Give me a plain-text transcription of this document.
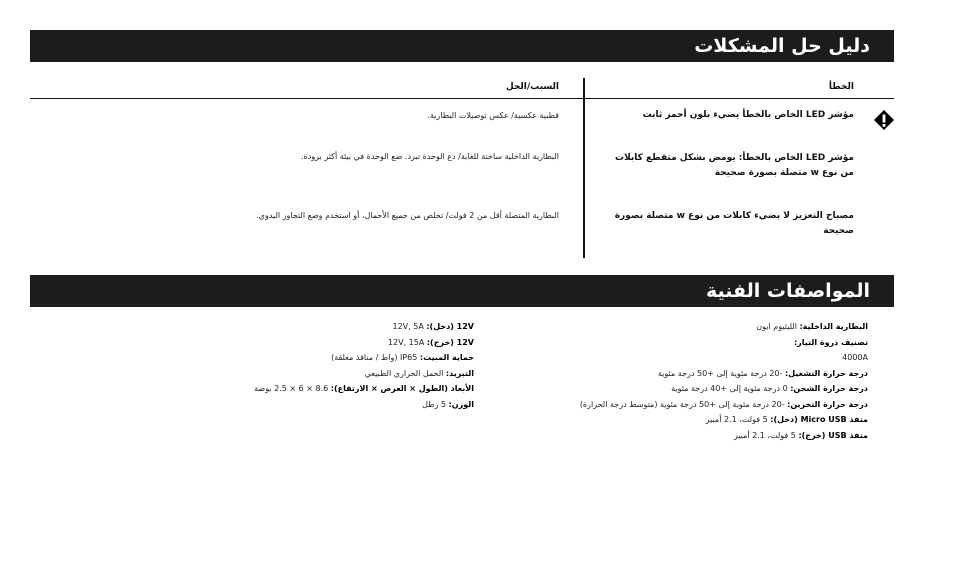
دليل حل المشكلات
الخطأ
السبب/الحل
مؤشر LED الخاص بالخطأ يضيء بلون أحمر ثابت
قطبية عكسية/ عكس توصيلات البطارية.
مؤشر LED الخاص بالخطأ: يومض بشكل متقطع كابلات من نوع w متصلة بصورة صحيحة
البطارية الداخلية ساخنة للغاية/ دع الوحدة تبرد. ضع الوحدة في بيئة أكثر برودة.
مصباح التعزيز لا يضيء كابلات من نوع w متصلة بصورة صحيحة
البطارية المتصلة أقل من 2 فولت/ تخلص من جميع الأحمال، أو استخدم وضع التجاوز اليدوي.
المواصفات الفنية
البطارية الداخلية: الليثيوم ايون
تصنيف ذروة التيار:
4000A
درجة حرارة التشغيل: -20 درجة مئوية إلى +50 درجة مئوية
درجة حرارة الشحن: 0 درجة مئوية إلى +40 درجة مئوية
درجة حرارة التخزين: -20 درجة مئوية إلى +50 درجة مئوية (متوسط درجة الحرارة)
منفذ Micro USB (دخل): 5 فولت، 2.1 أمبير
منفذ USB (خرج): 5 فولت، 2.1 أمبير
12V (دخل): 12V, 5A
12V (خرج): 12V, 15A
حماية المبيت: IP65 (واط / منافذ مغلقة)
التبريد: الحمل الحراري الطبيعي
الأبعاد (الطول × العرض × الارتفاع): 8.6 × 6 × 2.5 بوصة
الوزن: 5 رطل
